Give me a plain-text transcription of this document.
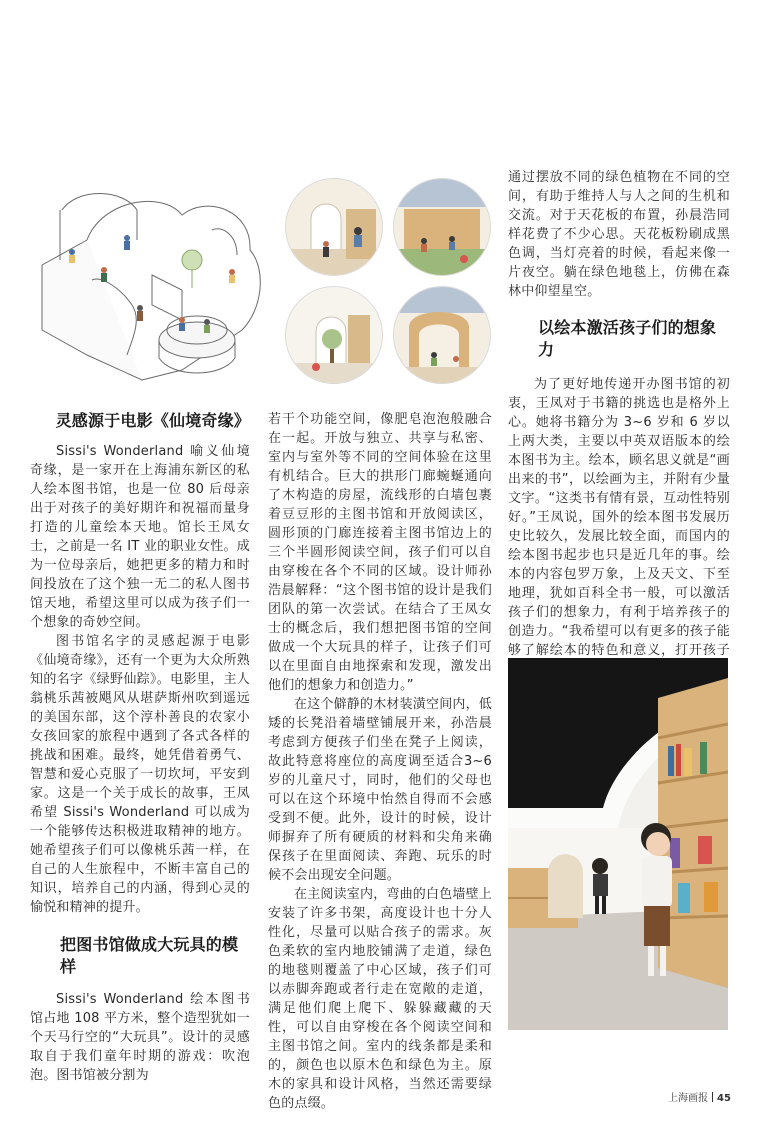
灵感源于电影《仙境奇缘》

Sissi's Wonderland 喻义仙境奇缘，是一家开在上海浦东新区的私人绘本图书馆，也是一位 80 后母亲出于对孩子的美好期许和祝福而量身打造的儿童绘本天地。馆长王凤女士，之前是一名 IT 业的职业女性。成为一位母亲后，她把更多的精力和时间投放在了这个独一无二的私人图书馆天地，希望这里可以成为孩子们一个想象的奇妙空间。

图书馆名字的灵感起源于电影《仙境奇缘》，还有一个更为大众所熟知的名字《绿野仙踪》。电影里，主人翁桃乐茜被飓风从堪萨斯州吹到遥远的美国东部，这个淳朴善良的农家小女孩回家的旅程中遇到了各式各样的挑战和困难。最终，她凭借着勇气、智慧和爱心克服了一切坎坷，平安到家。这是一个关于成长的故事，王凤希望 Sissi's Wonderland 可以成为一个能够传达积极进取精神的地方。她希望孩子们可以像桃乐茜一样，在自己的人生旅程中，不断丰富自己的知识，培养自己的内涵，得到心灵的愉悦和精神的提升。

把图书馆做成大玩具的模样

Sissi's Wonderland 绘本图书馆占地 108 平方米，整个造型犹如一个天马行空的“大玩具”。设计的灵感取自于我们童年时期的游戏：吹泡泡。图书馆被分割为

若干个功能空间，像肥皂泡泡般融合在一起。开放与独立、共享与私密、室内与室外等不同的空间体验在这里有机结合。巨大的拱形门廊蜿蜒通向了木构造的房屋，流线形的白墙包裹着豆豆形的主图书馆和开放阅读区，圆形顶的门廊连接着主图书馆边上的三个半圆形阅读空间，孩子们可以自由穿梭在各个不同的区域。设计师孙浩晨解释：“这个图书馆的设计是我们团队的第一次尝试。在结合了王凤女士的概念后，我们想把图书馆的空间做成一个大玩具的样子，让孩子们可以在里面自由地探索和发现，激发出他们的想象力和创造力。”

在这个僻静的木材装潢空间内，低矮的长凳沿着墙壁铺展开来，孙浩晨考虑到方便孩子们坐在凳子上阅读，故此特意将座位的高度调至适合3~6岁的儿童尺寸，同时，他们的父母也可以在这个环境中怡然自得而不会感受到不便。此外，设计的时候，设计师摒弃了所有硬质的材料和尖角来确保孩子在里面阅读、奔跑、玩乐的时候不会出现安全问题。

在主阅读室内，弯曲的白色墙壁上安装了许多书架，高度设计也十分人性化，尽量可以贴合孩子的需求。灰色柔软的室内地胶铺满了走道，绿色的地毯则覆盖了中心区域，孩子们可以赤脚奔跑或者行走在宽敞的走道，满足他们爬上爬下、躲躲藏藏的天性，可以自由穿梭在各个阅读空间和主图书馆之间。室内的线条都是柔和的，颜色也以原木色和绿色为主。原木的家具和设计风格，当然还需要绿色的点缀。

通过摆放不同的绿色植物在不同的空间，有助于维持人与人之间的生机和交流。对于天花板的布置，孙晨浩同样花费了不少心思。天花板粉刷成黑色调，当灯亮着的时候，看起来像一片夜空。躺在绿色地毯上，仿佛在森林中仰望星空。

以绘本激活孩子们的想象力

为了更好地传递开办图书馆的初衷，王凤对于书籍的挑选也是格外上心。她将书籍分为 3~6 岁和 6 岁以上两大类，主要以中英双语版本的绘本图书为主。绘本，顾名思义就是“画出来的书”，以绘画为主，并附有少量文字。“这类书有情有景，互动性特别好。”王凤说，国外的绘本图书发展历史比较久，发展比较全面，而国内的绘本图书起步也只是近几年的事。绘本的内容包罗万象，上及天文、下至地理，犹如百科全书一般，可以激活孩子们的想象力，有利于培养孩子的创造力。“我希望可以有更多的孩子能够了解绘本的特色和意义，打开孩子

上海画报 45
